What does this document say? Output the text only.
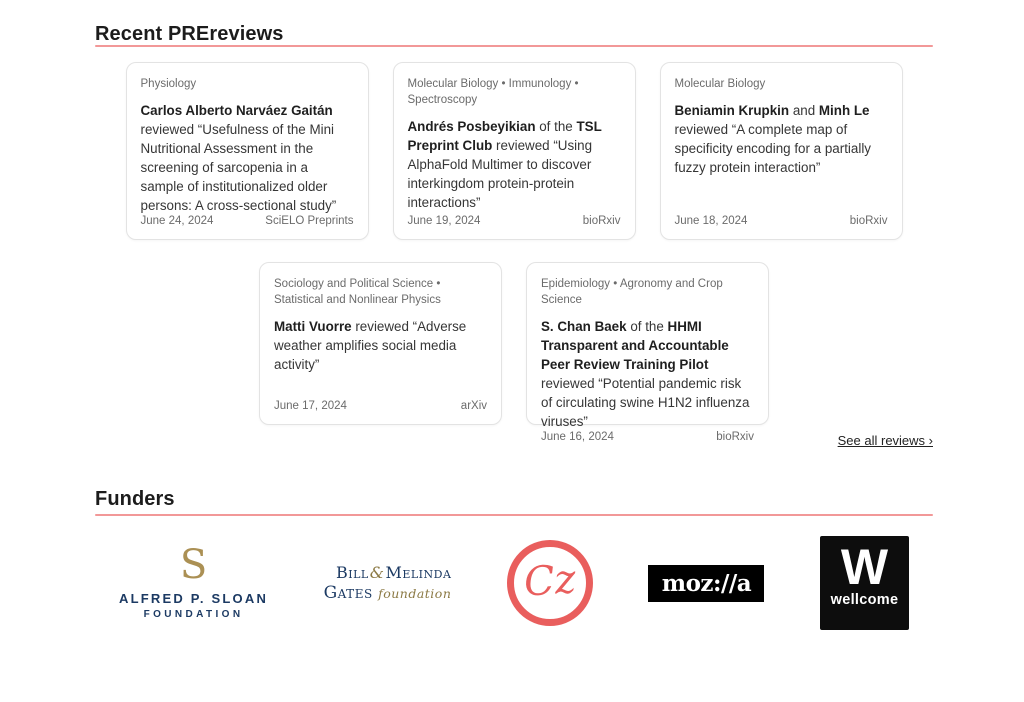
Recent PREreviews
Physiology

Carlos Alberto Narváez Gaitán reviewed “Usefulness of the Mini Nutritional Assessment in the screening of sarcopenia in a sample of institutionalized older persons: A cross-sectional study”

June 24, 2024	SciELO Preprints
Molecular Biology • Immunology • Spectroscopy

Andrés Posbeyikian of the TSL Preprint Club reviewed “Using AlphaFold Multimer to discover interkingdom protein-protein interactions”

June 19, 2024	bioRxiv
Molecular Biology

Beniamin Krupkin and Minh Le reviewed “A complete map of specificity encoding for a partially fuzzy protein interaction”

June 18, 2024	bioRxiv
Sociology and Political Science • Statistical and Nonlinear Physics

Matti Vuorre reviewed “Adverse weather amplifies social media activity”

June 17, 2024	arXiv
Epidemiology • Agronomy and Crop Science

S. Chan Baek of the HHMI Transparent and Accountable Peer Review Training Pilot reviewed “Potential pandemic risk of circulating swine H1N2 influenza viruses”

June 16, 2024	bioRxiv	See all reviews ›
Funders
S
ALFRED P. SLOAN
FOUNDATION
Bill&Melinda
Gates foundation Cz	moz://a W
wellcome
